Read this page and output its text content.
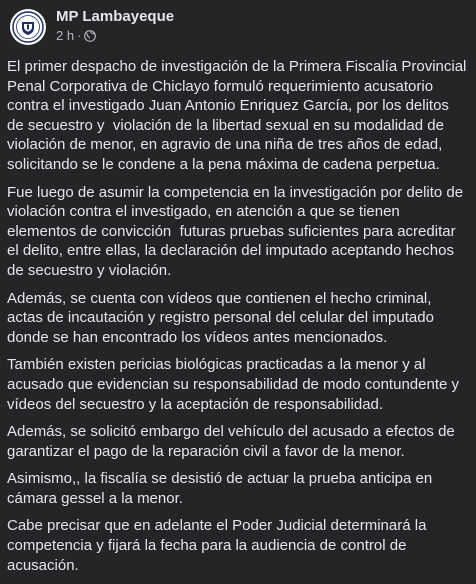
MP Lambayeque
2 h ·

El primer despacho de investigación de la Primera Fiscalía Provincial Penal Corporativa de Chiclayo formuló requerimiento acusatorio contra el investigado Juan Antonio Enriquez García, por los delitos de secuestro y  violación de la libertad sexual en su modalidad de violación de menor, en agravio de una niña de tres años de edad, solicitando se le condene a la pena máxima de cadena perpetua.

Fue luego de asumir la competencia en la investigación por delito de violación contra el investigado, en atención a que se tienen elementos de convicción  futuras pruebas suficientes para acreditar el delito, entre ellas, la declaración del imputado aceptando hechos de secuestro y violación.

Además, se cuenta con vídeos que contienen el hecho criminal, actas de incautación y registro personal del celular del imputado donde se han encontrado los vídeos antes mencionados.

También existen pericias biológicas practicadas a la menor y al acusado que evidencian su responsabilidad de modo contundente y vídeos del secuestro y la aceptación de responsabilidad.

Además, se solicitó embargo del vehículo del acusado a efectos de garantizar el pago de la reparación civil a favor de la menor.

Asimismo,, la fiscalía se desistió de actuar la prueba anticipa en cámara gessel a la menor.

Cabe precisar que en adelante el Poder Judicial determinará la competencia y fijará la fecha para la audiencia de control de acusación.
